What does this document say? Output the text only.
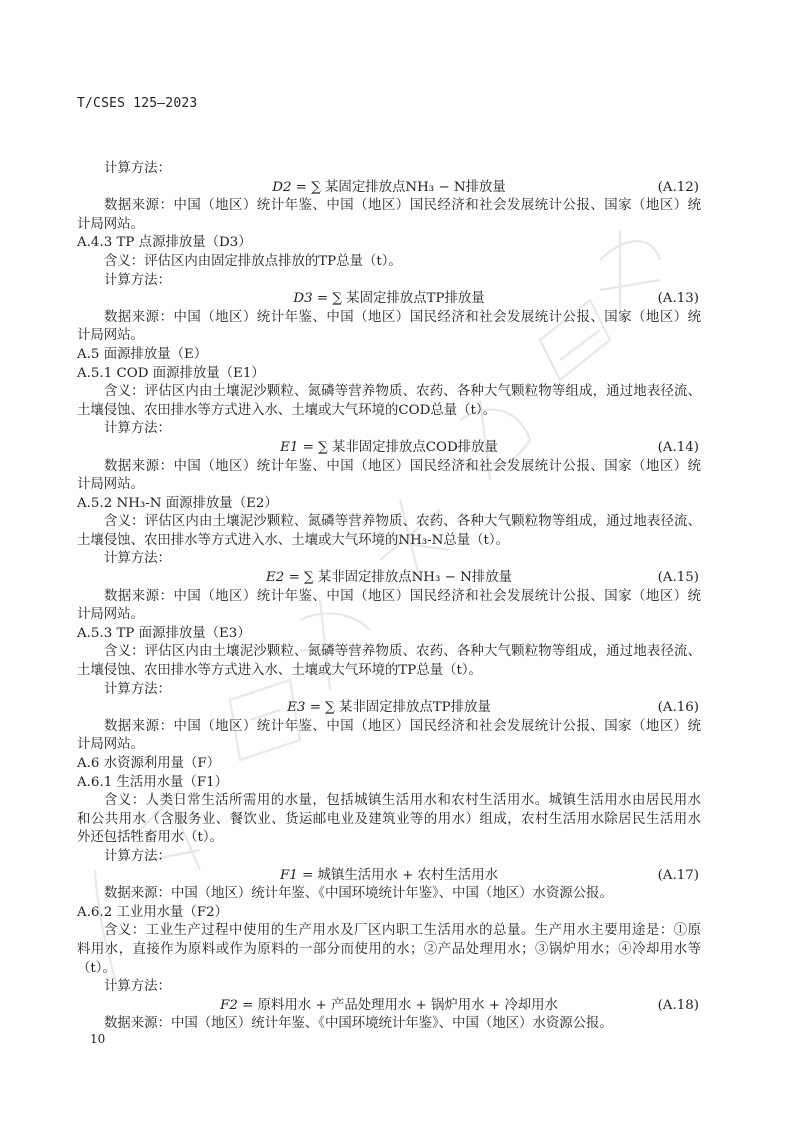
T/CSES 125—2023
计算方法：
D2 = ∑ 某固定排放点NH₃ − N排放量	(A.12)
数据来源：中国（地区）统计年鉴、中国（地区）国民经济和社会发展统计公报、国家（地区）统
计局网站。
A.4.3 TP 点源排放量（D3）
含义：评估区内由固定排放点排放的TP总量（t）。
计算方法：
D3 = ∑ 某固定排放点TP排放量	(A.13)
数据来源：中国（地区）统计年鉴、中国（地区）国民经济和社会发展统计公报、国家（地区）统
计局网站。
A.5 面源排放量（E）
A.5.1 COD 面源排放量（E1）
含义：评估区内由土壤泥沙颗粒、氮磷等营养物质、农药、各种大气颗粒物等组成，通过地表径流、
土壤侵蚀、农田排水等方式进入水、土壤或大气环境的COD总量（t）。
计算方法：
E1 = ∑ 某非固定排放点COD排放量	(A.14)
数据来源：中国（地区）统计年鉴、中国（地区）国民经济和社会发展统计公报、国家（地区）统
计局网站。
A.5.2 NH₃-N 面源排放量（E2）
含义：评估区内由土壤泥沙颗粒、氮磷等营养物质、农药、各种大气颗粒物等组成，通过地表径流、
土壤侵蚀、农田排水等方式进入水、土壤或大气环境的NH₃-N总量（t）。
计算方法：
E2 = ∑ 某非固定排放点NH₃ − N排放量	(A.15)
数据来源：中国（地区）统计年鉴、中国（地区）国民经济和社会发展统计公报、国家（地区）统
计局网站。
A.5.3 TP 面源排放量（E3）
含义：评估区内由土壤泥沙颗粒、氮磷等营养物质、农药、各种大气颗粒物等组成，通过地表径流、
土壤侵蚀、农田排水等方式进入水、土壤或大气环境的TP总量（t）。
计算方法：
E3 = ∑ 某非固定排放点TP排放量	(A.16)
数据来源：中国（地区）统计年鉴、中国（地区）国民经济和社会发展统计公报、国家（地区）统
计局网站。
A.6 水资源利用量（F）
A.6.1 生活用水量（F1）
含义：人类日常生活所需用的水量，包括城镇生活用水和农村生活用水。城镇生活用水由居民用水
和公共用水（含服务业、餐饮业、货运邮电业及建筑业等的用水）组成，农村生活用水除居民生活用水
外还包括牲畜用水（t）。
计算方法：
F1 = 城镇生活用水 + 农村生活用水	(A.17)
数据来源：中国（地区）统计年鉴、《中国环境统计年鉴》、中国（地区）水资源公报。
A.6.2 工业用水量（F2）
含义：工业生产过程中使用的生产用水及厂区内职工生活用水的总量。生产用水主要用途是：①原
料用水，直接作为原料或作为原料的一部分而使用的水；②产品处理用水；③锅炉用水；④冷却用水等
（t）。
计算方法：
F2 = 原料用水 + 产品处理用水 + 锅炉用水 + 冷却用水	(A.18)
数据来源：中国（地区）统计年鉴、《中国环境统计年鉴》、中国（地区）水资源公报。
10
